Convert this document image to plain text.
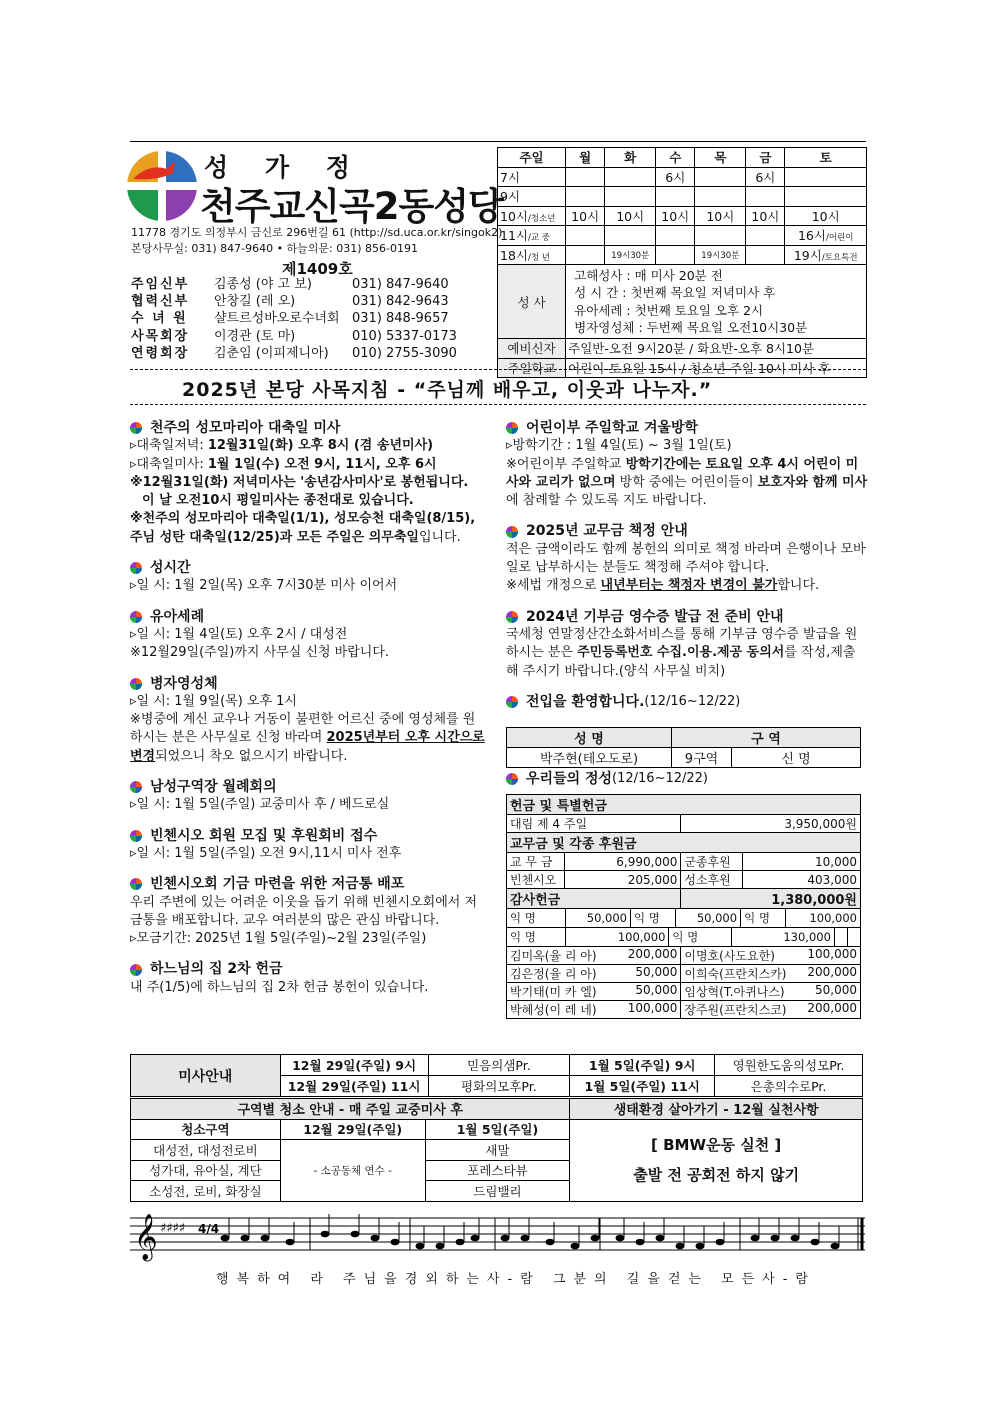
성 가 정
천주교신곡2동성당
11778 경기도 의정부시 금신로 296번길 61 (http://sd.uca.or.kr/singok2)
본당사무실: 031) 847-9640 • 하늘의문: 031) 856-0191
제1409호
주임신부	김종성 (야 고 보)	031) 847-9640
협력신부	안창길 (레 오)	031) 842-9643
수 녀 원	샬트르성바오로수녀회	031) 848-9657
사목회장	이경관 (토 마)	010) 5337-0173
연령회장	김춘임 (이피제니아)	010) 2755-3090
주일	월	화	수	목	금	토
7시			6시		6시	
9시						
10시/청소년	10시	10시	10시	10시	10시	10시
11시/교 중						16시/어린이
18시/청 년		19시30분		19시30분		19시/토요특전
성 사	고해성사 : 매 미사 20분 전
성 시 간 : 첫번째 목요일 저녁미사 후
유아세례 : 첫번째 토요일 오후 2시
병자영성체 : 두번째 목요일 오전10시30분					

예비신자	주일반-오전 9시20분 / 화요반-오후 8시10분					
주일학교	어린이-토요일 15시 / 청소년-주일 10시 미사 후					
2025년 본당 사목지침 - “주님께 배우고, 이웃과 나누자.”
천주의 성모마리아 대축일 미사
▹대축일저녁: 12월31일(화) 오후 8시 (겸 송년미사)
▹대축일미사: 1월 1일(수) 오전 9시, 11시, 오후 6시
※12월31일(화) 저녁미사는 '송년감사미사'로 봉헌됩니다.
이 날 오전10시 평일미사는 종전대로 있습니다.
※천주의 성모마리아 대축일(1/1), 성모승천 대축일(8/15), 주님 성탄 대축일(12/25)과 모든 주일은 의무축일입니다.
성시간
▹일 시: 1월 2일(목) 오후 7시30분 미사 이어서
유아세례
▹일 시: 1월 4일(토) 오후 2시 / 대성전
※12월29일(주일)까지 사무실 신청 바랍니다.
병자영성체
▹일 시: 1월 9일(목) 오후 1시
※병중에 계신 교우나 거동이 불편한 어르신 중에 영성체를 원하시는 분은 사무실로 신청 바라며 2025년부터 오후 시간으로 변경되었으니 착오 없으시기 바랍니다.
남성구역장 월례회의
▹일 시: 1월 5일(주일) 교중미사 후 / 베드로실
빈첸시오 회원 모집 및 후원회비 접수
▹일 시: 1월 5일(주일) 오전 9시,11시 미사 전후
빈첸시오회 기금 마련을 위한 저금통 배포
우리 주변에 있는 어려운 이웃을 돕기 위해 빈첸시오회에서 저금통을 배포합니다. 교우 여러분의 많은 관심 바랍니다.
▹모금기간: 2025년 1월 5일(주일)~2월 23일(주일)
하느님의 집 2차 헌금
내 주(1/5)에 하느님의 집 2차 헌금 봉헌이 있습니다.
어린이부 주일학교 겨울방학
▹방학기간 : 1월 4일(토) ~ 3월 1일(토)
※어린이부 주일학교 방학기간에는 토요일 오후 4시 어린이 미사와 교리가 없으며 방학 중에는 어린이들이 보호자와 함께 미사에 참례할 수 있도록 지도 바랍니다.
2025년 교무금 책정 안내
적은 금액이라도 함께 봉헌의 의미로 책정 바라며 은행이나 모바일로 납부하시는 분들도 책정해 주셔야 합니다.
※세법 개정으로 내년부터는 책정자 변경이 불가합니다.
2024년 기부금 영수증 발급 전 준비 안내
국세청 연말정산간소화서비스를 통해 기부금 영수증 발급을 원하시는 분은 주민등록번호 수집.이용.제공 동의서를 작성,제출 해 주시기 바랍니다.(양식 사무실 비치)
전입을 환영합니다. (12/16~12/22)
성 명	구 역	
박주현(테오도로)	9구역	신 명
우리들의 정성 (12/16~12/22)
헌금 및 특별헌금
대림 제 4 주일	3,950,000원
교무금 및 각종 후원금
교 무 금	6,990,000	군종후원	10,000
빈첸시오	205,000	성소후원	403,000
감사헌금	1,380,000원

익 명	50,000	익 명	50,000	익 명	100,000

익 명	100,000	익 명	130,000		

김미옥(율 리 아)	200,000	이명호(사도요한)	100,000

김은정(율 리 아)	50,000	이희숙(프란치스카) 200,000

박기태(미 카 엘)	50,000	임상혁(T.아퀴나스)	50,000

박혜성(이 레 네)	100,000	장주원(프란치스코) 200,000
미사안내	12월 29일(주일) 9시	믿음의샘Pr.	1월 5일(주일) 9시	영원한도움의성모Pr.
	12월 29일(주일) 11시	평화의모후Pr.	1월 5일(주일) 11시	은총의수로Pr.
구역별 청소 안내 - 매 주일 교중미사 후			생태환경 살아가기 - 12월 실천사항
청소구역	12월 29일(주일)	1월 5일(주일)	[ BMW운동 실천 ]
출발 전 공회전 하지 않기

대성전, 대성전로비	- 소공동체 연수 -	새말	
성가대, 유아실, 계단		포레스타뷰	
소성전, 로비, 화장실		드림밸리	
𝄞 ♯♯♯♯ 4/4
행복하여 라 주님을경외하는사-람 그분의 길을걷는 모든사-람
